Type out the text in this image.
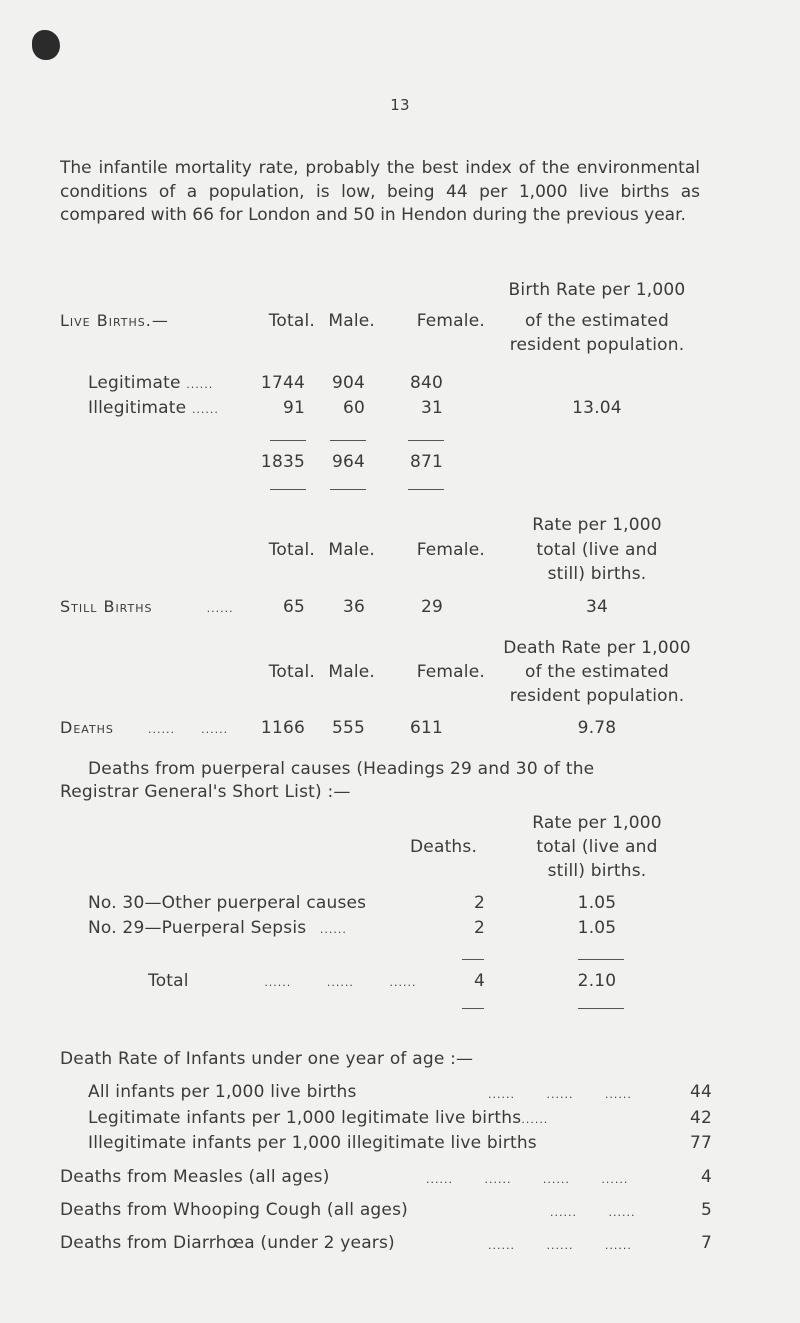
13
The infantile mortality rate, probably the best index of the environmental conditions of a population, is low, being 44 per 1,000 live births as compared with 66 for London and 50 in Hendon during the previous year.
Live Births.—	Total. Male.	Female.
Birth Rate per 1,000
of the estimated
resident population.
Legitimate ......	1744	904	840
Illegitimate ......	91	60	31	13.04
1835	964	871
Rate per 1,000
Total. Male.	Female.	total (live and
still) births.
Still Births	......	65	36	29	34
Death Rate per 1,000
Total. Male.	Female.	of the estimated
resident population.
Deaths	...... ......	1166	555	611	9.78
Deaths from puerperal causes (Headings 29 and 30 of the
Registrar General's Short List) :—
Rate per 1,000
Deaths.	total (live and
still) births.
No. 30—Other puerperal causes	2	1.05
No. 29—Puerperal Sepsis ......	2	1.05
Total	......	......	......	4	2.10
Death Rate of Infants under one year of age :—
All infants per 1,000 live births	......       ......       ......	44
Legitimate infants per 1,000 legitimate live births......	42
Illegitimate infants per 1,000 illegitimate live births	77
Deaths from Measles (all ages)	......       ......       ......       ......	4
Deaths from Whooping Cough (all ages)	......       ......	5
Deaths from Diarrhœa (under 2 years)	......       ......       ......	7
